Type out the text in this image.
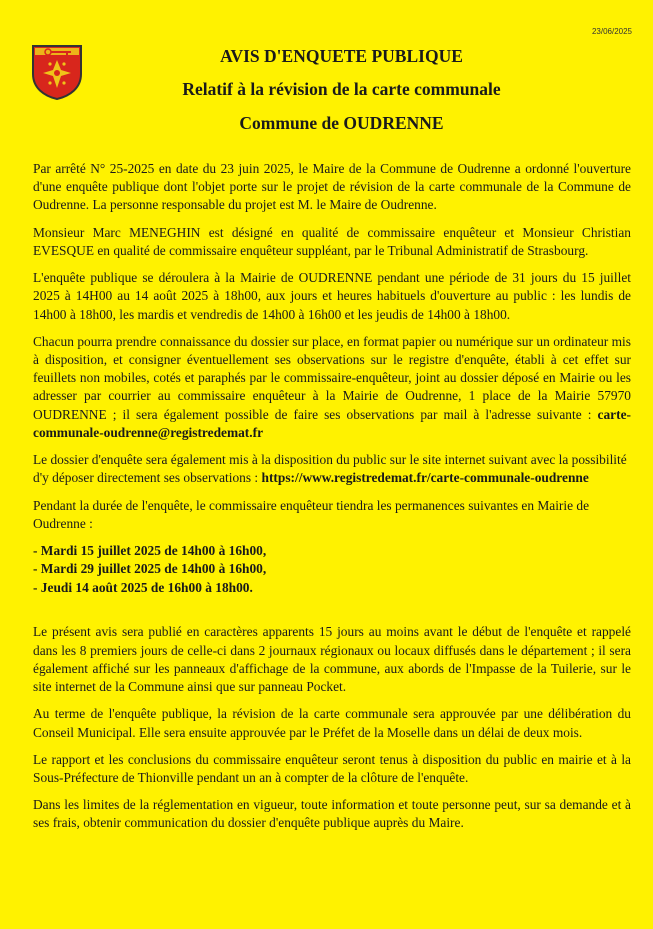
23/06/2025
AVIS D'ENQUETE PUBLIQUE
Relatif à la révision de la carte communale
Commune de OUDRENNE

Par arrêté N° 25-2025 en date du 23 juin 2025, le Maire de la Commune de Oudrenne a ordonné l'ouverture d'une enquête publique dont l'objet porte sur le projet de révision de la carte communale de la Commune de Oudrenne. La personne responsable du projet est M. le Maire de Oudrenne.

Monsieur Marc MENEGHIN est désigné en qualité de commissaire enquêteur et Monsieur Christian EVESQUE en qualité de commissaire enquêteur suppléant, par le Tribunal Administratif de Strasbourg.

L'enquête publique se déroulera à la Mairie de OUDRENNE pendant une période de 31 jours du 15 juillet 2025 à 14H00 au 14 août 2025 à 18h00, aux jours et heures habituels d'ouverture au public : les lundis de 14h00 à 18h00, les mardis et vendredis de 14h00 à 16h00 et les jeudis de 14h00 à 18h00.

Chacun pourra prendre connaissance du dossier sur place, en format papier ou numérique sur un ordinateur mis à disposition, et consigner éventuellement ses observations sur le registre d'enquête, établi à cet effet sur feuillets non mobiles, cotés et paraphés par le commissaire-enquêteur, joint au dossier déposé en Mairie ou les adresser par courrier au commissaire enquêteur à la Mairie de Oudrenne, 1 place de la Mairie 57970 OUDRENNE ; il sera également possible de faire ses observations par mail à l'adresse suivante : carte-communale-oudrenne@registredemat.fr

Le dossier d'enquête sera également mis à la disposition du public sur le site internet suivant avec la possibilité d'y déposer directement ses observations : https://www.registredemat.fr/carte-communale-oudrenne

Pendant la durée de l'enquête, le commissaire enquêteur tiendra les permanences suivantes en Mairie de Oudrenne :

- Mardi 15 juillet 2025 de 14h00 à 16h00,
- Mardi 29 juillet 2025 de 14h00 à 16h00,
- Jeudi 14 août 2025 de 16h00 à 18h00.

Le présent avis sera publié en caractères apparents 15 jours au moins avant le début de l'enquête et rappelé dans les 8 premiers jours de celle-ci dans 2 journaux régionaux ou locaux diffusés dans le département ; il sera également affiché sur les panneaux d'affichage de la commune, aux abords de l'Impasse de la Tuilerie, sur le site internet de la Commune ainsi que sur panneau Pocket.

Au terme de l'enquête publique, la révision de la carte communale sera approuvée par une délibération du Conseil Municipal. Elle sera ensuite approuvée par le Préfet de la Moselle dans un délai de deux mois.

Le rapport et les conclusions du commissaire enquêteur seront tenus à disposition du public en mairie et à la Sous-Préfecture de Thionville pendant un an à compter de la clôture de l'enquête.

Dans les limites de la réglementation en vigueur, toute information et toute personne peut, sur sa demande et à ses frais, obtenir communication du dossier d'enquête publique auprès du Maire.
